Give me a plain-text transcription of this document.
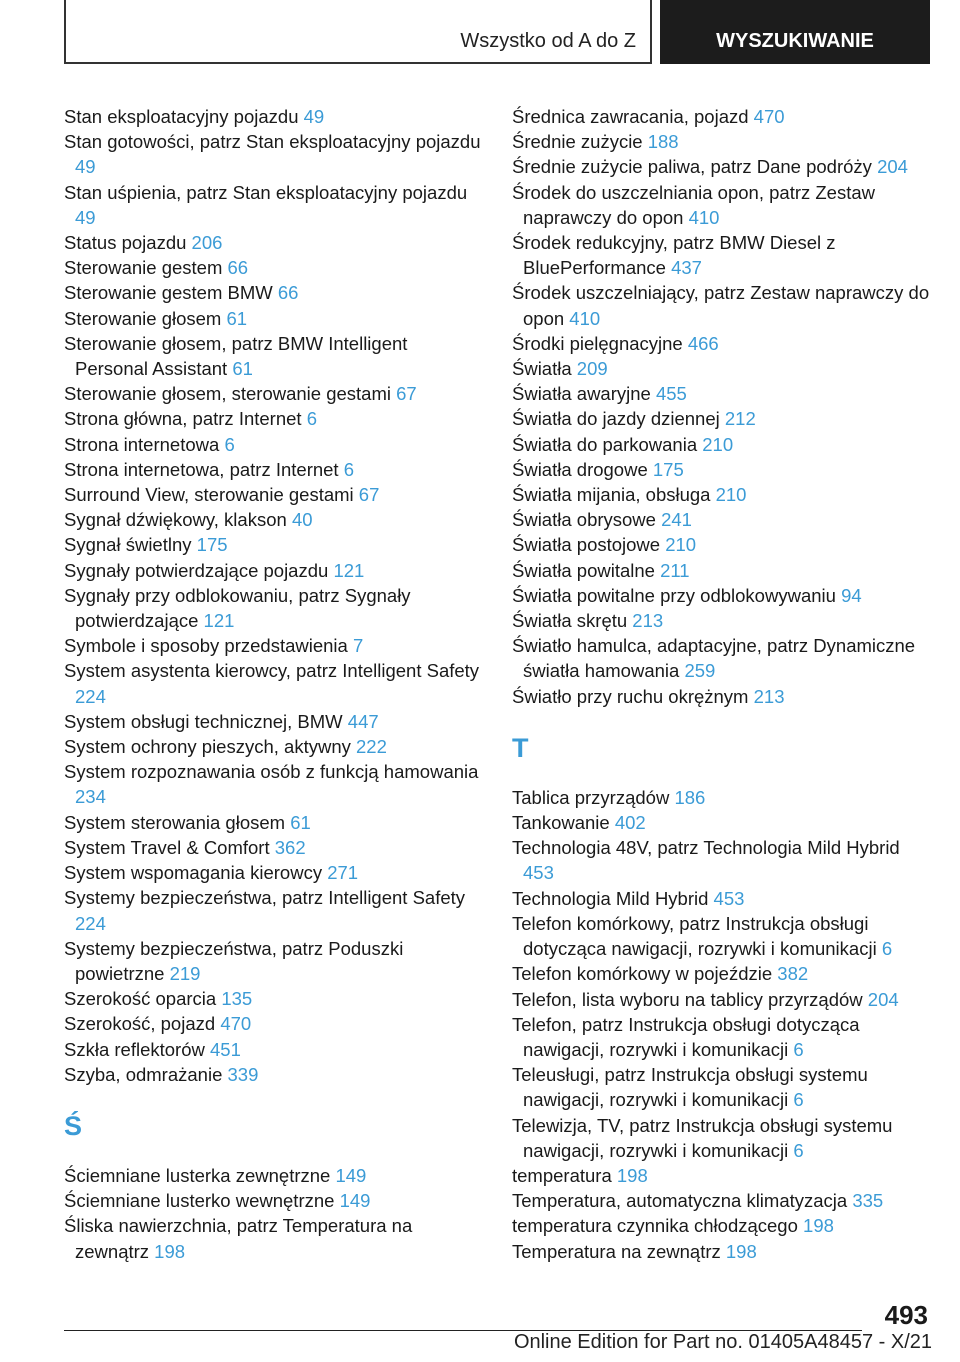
Wszystko od A do Z	WYSZUKIWANIE
Stan eksploatacyjny pojazdu 49
Stan gotowości, patrz Stan eksploatacyjny pojazdu 49
Stan uśpienia, patrz Stan eksploatacyjny pojazdu 49
Status pojazdu 206
Sterowanie gestem 66
Sterowanie gestem BMW 66
Sterowanie głosem 61
Sterowanie głosem, patrz BMW Intelligent Personal Assistant 61
Sterowanie głosem, sterowanie gestami 67
Strona główna, patrz Internet 6
Strona internetowa 6
Strona internetowa, patrz Internet 6
Surround View, sterowanie gestami 67
Sygnał dźwiękowy, klakson 40
Sygnał świetlny 175
Sygnały potwierdzające pojazdu 121
Sygnały przy odblokowaniu, patrz Sygnały potwierdzające 121
Symbole i sposoby przedstawienia 7
System asystenta kierowcy, patrz Intelligent Safety 224
System obsługi technicznej, BMW 447
System ochrony pieszych, aktywny 222
System rozpoznawania osób z funkcją hamowania 234
System sterowania głosem 61
System Travel & Comfort 362
System wspomagania kierowcy 271
Systemy bezpieczeństwa, patrz Intelligent Safety 224
Systemy bezpieczeństwa, patrz Poduszki powietrzne 219
Szerokość oparcia 135
Szerokość, pojazd 470
Szkła reflektorów 451
Szyba, odmrażanie 339
Ś
Ściemniane lusterka zewnętrzne 149
Ściemniane lusterko wewnętrzne 149
Śliska nawierzchnia, patrz Temperatura na zewnątrz 198
Średnica zawracania, pojazd 470
Średnie zużycie 188
Średnie zużycie paliwa, patrz Dane podróży 204
Środek do uszczelniania opon, patrz Zestaw naprawczy do opon 410
Środek redukcyjny, patrz BMW Diesel z BluePerformance 437
Środek uszczelniający, patrz Zestaw naprawczy do opon 410
Środki pielęgnacyjne 466
Światła 209
Światła awaryjne 455
Światła do jazdy dziennej 212
Światła do parkowania 210
Światła drogowe 175
Światła mijania, obsługa 210
Światła obrysowe 241
Światła postojowe 210
Światła powitalne 211
Światła powitalne przy odblokowywaniu 94
Światła skrętu 213
Światło hamulca, adaptacyjne, patrz Dynamiczne światła hamowania 259
Światło przy ruchu okrężnym 213
T
Tablica przyrządów 186
Tankowanie 402
Technologia 48V, patrz Technologia Mild Hybrid 453
Technologia Mild Hybrid 453
Telefon komórkowy, patrz Instrukcja obsługi dotycząca nawigacji, rozrywki i komunikacji 6
Telefon komórkowy w pojeździe 382
Telefon, lista wyboru na tablicy przyrządów 204
Telefon, patrz Instrukcja obsługi dotycząca nawigacji, rozrywki i komunikacji 6
Teleusługi, patrz Instrukcja obsługi systemu nawigacji, rozrywki i komunikacji 6
Telewizja, TV, patrz Instrukcja obsługi systemu nawigacji, rozrywki i komunikacji 6
temperatura 198
Temperatura, automatyczna klimatyzacja 335
temperatura czynnika chłodzącego 198
Temperatura na zewnątrz 198
493
Online Edition for Part no. 01405A48457 - X/21
